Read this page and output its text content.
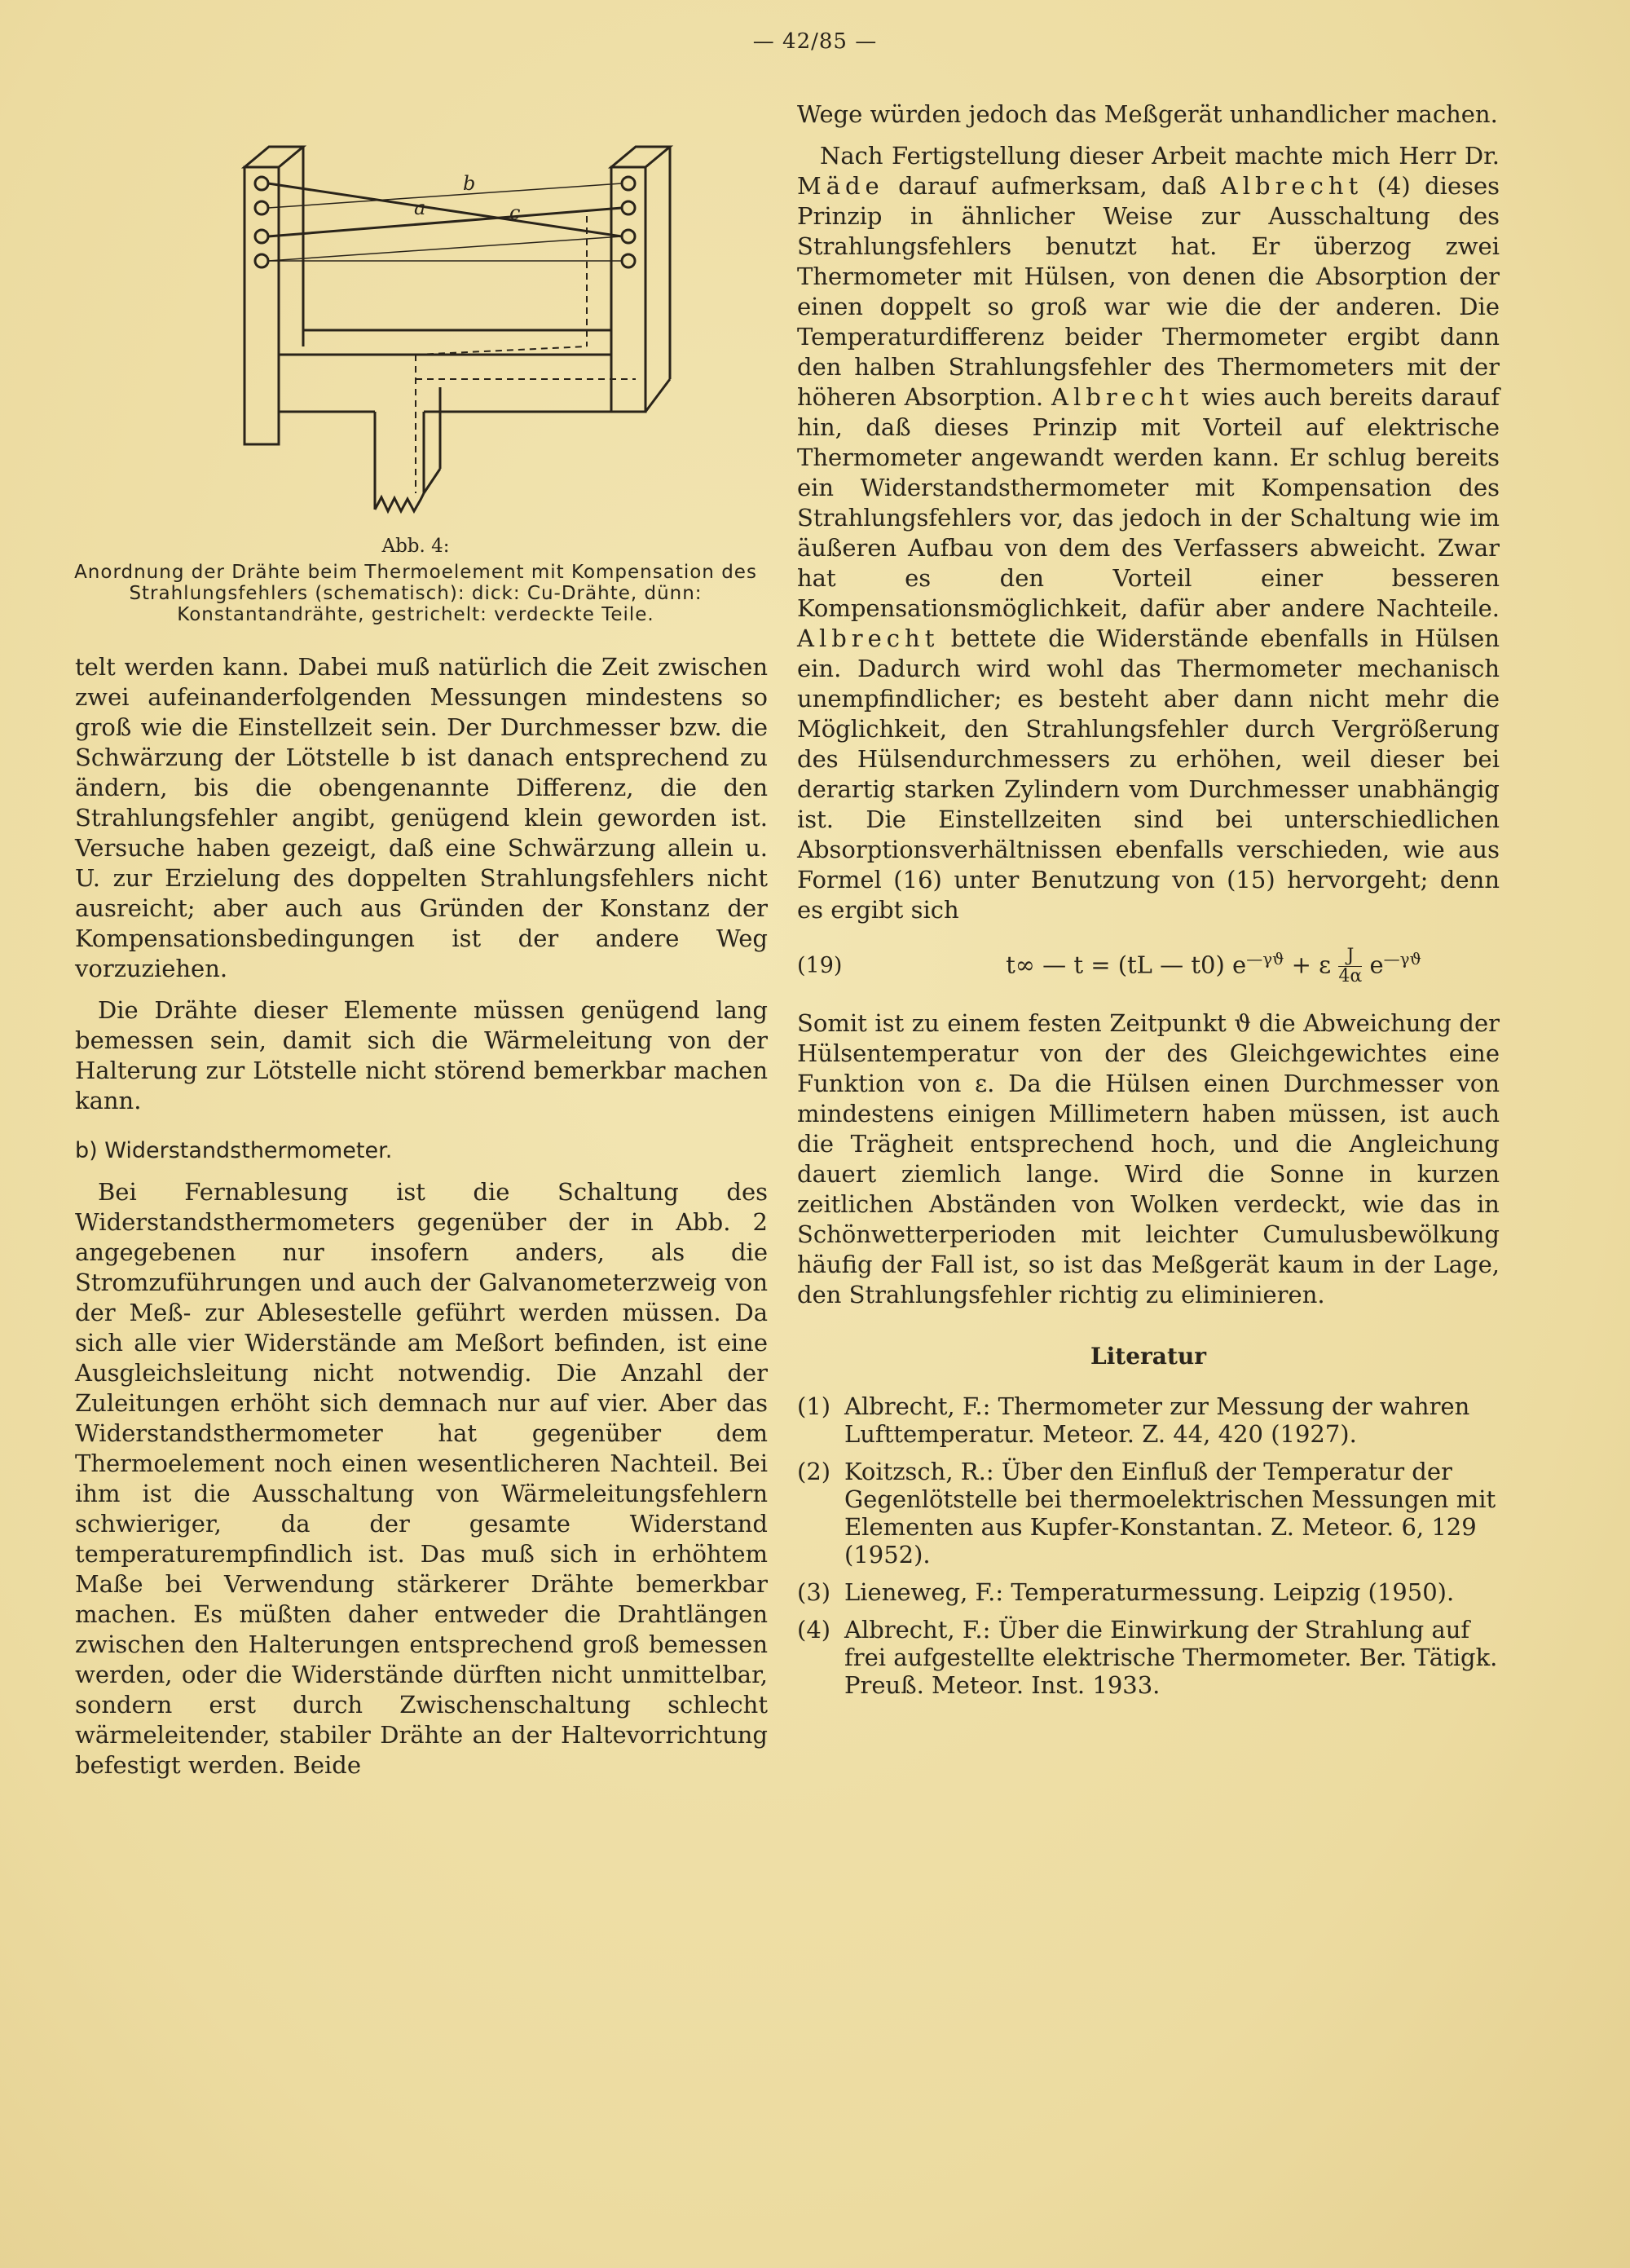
— 42/85 —
a
b
c
Abb. 4:
Anordnung der Drähte beim Thermoelement mit Kompensation des Strahlungsfehlers (schematisch): dick: Cu-Drähte, dünn: Konstantandrähte, gestrichelt: verdeckte Teile.

telt werden kann. Dabei muß natürlich die Zeit zwischen zwei aufeinanderfolgenden Messungen mindestens so groß wie die Einstellzeit sein. Der Durchmesser bzw. die Schwärzung der Lötstelle b ist danach entsprechend zu ändern, bis die obengenannte Differenz, die den Strahlungsfehler angibt, genügend klein geworden ist. Versuche haben gezeigt, daß eine Schwärzung allein u. U. zur Erzielung des doppelten Strahlungsfehlers nicht ausreicht; aber auch aus Gründen der Konstanz der Kompensationsbedingungen ist der andere Weg vorzuziehen.

Die Drähte dieser Elemente müssen genügend lang bemessen sein, damit sich die Wärmeleitung von der Halterung zur Lötstelle nicht störend bemerkbar machen kann.

b) Widerstandsthermometer.

Bei Fernablesung ist die Schaltung des Widerstandsthermometers gegenüber der in Abb. 2 angegebenen nur insofern anders, als die Stromzuführungen und auch der Galvanometerzweig von der Meß- zur Ablesestelle geführt werden müssen. Da sich alle vier Widerstände am Meßort befinden, ist eine Ausgleichsleitung nicht notwendig. Die Anzahl der Zuleitungen erhöht sich demnach nur auf vier. Aber das Widerstandsthermometer hat gegenüber dem Thermoelement noch einen wesentlicheren Nachteil. Bei ihm ist die Ausschaltung von Wärmeleitungsfehlern schwieriger, da der gesamte Widerstand temperaturempfindlich ist. Das muß sich in erhöhtem Maße bei Verwendung stärkerer Drähte bemerkbar machen. Es müßten daher entweder die Drahtlängen zwischen den Halterungen entsprechend groß bemessen werden, oder die Widerstände dürften nicht unmittelbar, sondern erst durch Zwischenschaltung schlecht wärmeleitender, stabiler Drähte an der Haltevorrichtung befestigt werden. Beide

Wege würden jedoch das Meßgerät unhandlicher machen.

Nach Fertigstellung dieser Arbeit machte mich Herr Dr. Mäde darauf aufmerksam, daß Albrecht (4) dieses Prinzip in ähnlicher Weise zur Ausschaltung des Strahlungsfehlers benutzt hat. Er überzog zwei Thermometer mit Hülsen, von denen die Absorption der einen doppelt so groß war wie die der anderen. Die Temperaturdifferenz beider Thermometer ergibt dann den halben Strahlungsfehler des Thermometers mit der höheren Absorption. Albrecht wies auch bereits darauf hin, daß dieses Prinzip mit Vorteil auf elektrische Thermometer angewandt werden kann. Er schlug bereits ein Widerstandsthermometer mit Kompensation des Strahlungsfehlers vor, das jedoch in der Schaltung wie im äußeren Aufbau von dem des Verfassers abweicht. Zwar hat es den Vorteil einer besseren Kompensationsmöglichkeit, dafür aber andere Nachteile. Albrecht bettete die Widerstände ebenfalls in Hülsen ein. Dadurch wird wohl das Thermometer mechanisch unempfindlicher; es besteht aber dann nicht mehr die Möglichkeit, den Strahlungsfehler durch Vergrößerung des Hülsendurchmessers zu erhöhen, weil dieser bei derartig starken Zylindern vom Durchmesser unabhängig ist. Die Einstellzeiten sind bei unterschiedlichen Absorptionsverhältnissen ebenfalls verschieden, wie aus Formel (16) unter Benutzung von (15) hervorgeht; denn es ergibt sich

(19)	t∞ — t = (tL — t0) $e^{—\gamma ϑ} + \varepsilon \frac{J}{4\alpha} e^{—\gamma ϑ}$

Somit ist zu einem festen Zeitpunkt ϑ die Abweichung der Hülsentemperatur von der des Gleichgewichtes eine Funktion von ε. Da die Hülsen einen Durchmesser von mindestens einigen Millimetern haben müssen, ist auch die Trägheit entsprechend hoch, und die Angleichung dauert ziemlich lange. Wird die Sonne in kurzen zeitlichen Abständen von Wolken verdeckt, wie das in Schönwetterperioden mit leichter Cumulusbewölkung häufig der Fall ist, so ist das Meßgerät kaum in der Lage, den Strahlungsfehler richtig zu eliminieren.

Literatur
(1) Albrecht, F.: Thermometer zur Messung der wahren Lufttemperatur. Meteor. Z. 44, 420 (1927).
(2) Koitzsch, R.: Über den Einfluß der Temperatur der Gegenlötstelle bei thermoelektrischen Messungen mit Elementen aus Kupfer-Konstantan. Z. Meteor. 6, 129 (1952).
(3) Lieneweg, F.: Temperaturmessung. Leipzig (1950).
(4) Albrecht, F.: Über die Einwirkung der Strahlung auf frei aufgestellte elektrische Thermometer. Ber. Tätigk. Preuß. Meteor. Inst. 1933.
